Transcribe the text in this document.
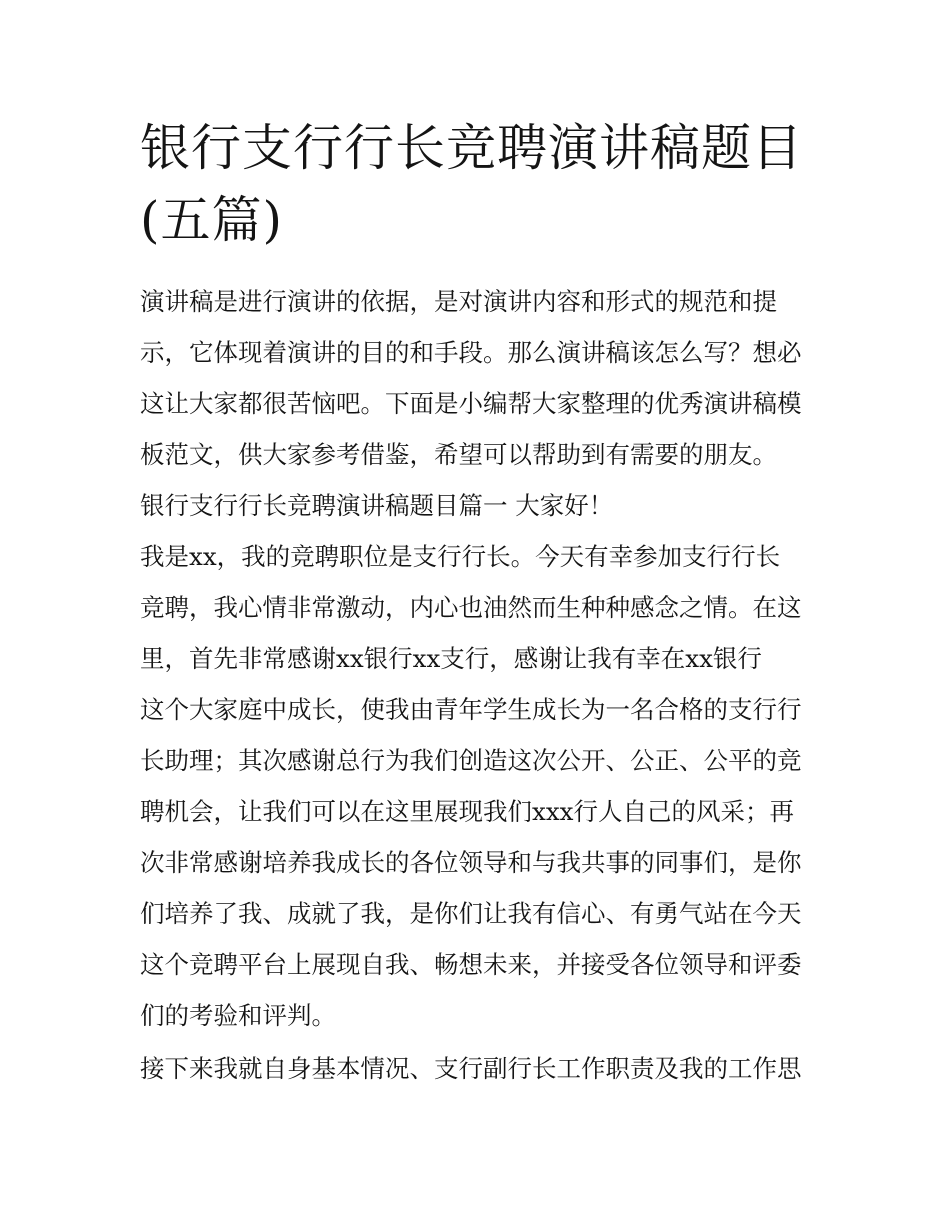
银行支行行长竞聘演讲稿题目
(五篇)
演讲稿是进行演讲的依据，是对演讲内容和形式的规范和提
示，它体现着演讲的目的和手段。那么演讲稿该怎么写？想必
这让大家都很苦恼吧。下面是小编帮大家整理的优秀演讲稿模
板范文，供大家参考借鉴，希望可以帮助到有需要的朋友。
银行支行行长竞聘演讲稿题目篇一 大家好！
我是xx，我的竞聘职位是支行行长。今天有幸参加支行行长
竞聘，我心情非常激动，内心也油然而生种种感念之情。在这
里，首先非常感谢xx银行xx支行，感谢让我有幸在xx银行
这个大家庭中成长，使我由青年学生成长为一名合格的支行行
长助理；其次感谢总行为我们创造这次公开、公正、公平的竞
聘机会，让我们可以在这里展现我们xxx行人自己的风采；再
次非常感谢培养我成长的各位领导和与我共事的同事们，是你
们培养了我、成就了我，是你们让我有信心、有勇气站在今天
这个竞聘平台上展现自我、畅想未来，并接受各位领导和评委
们的考验和评判。
接下来我就自身基本情况、支行副行长工作职责及我的工作思
